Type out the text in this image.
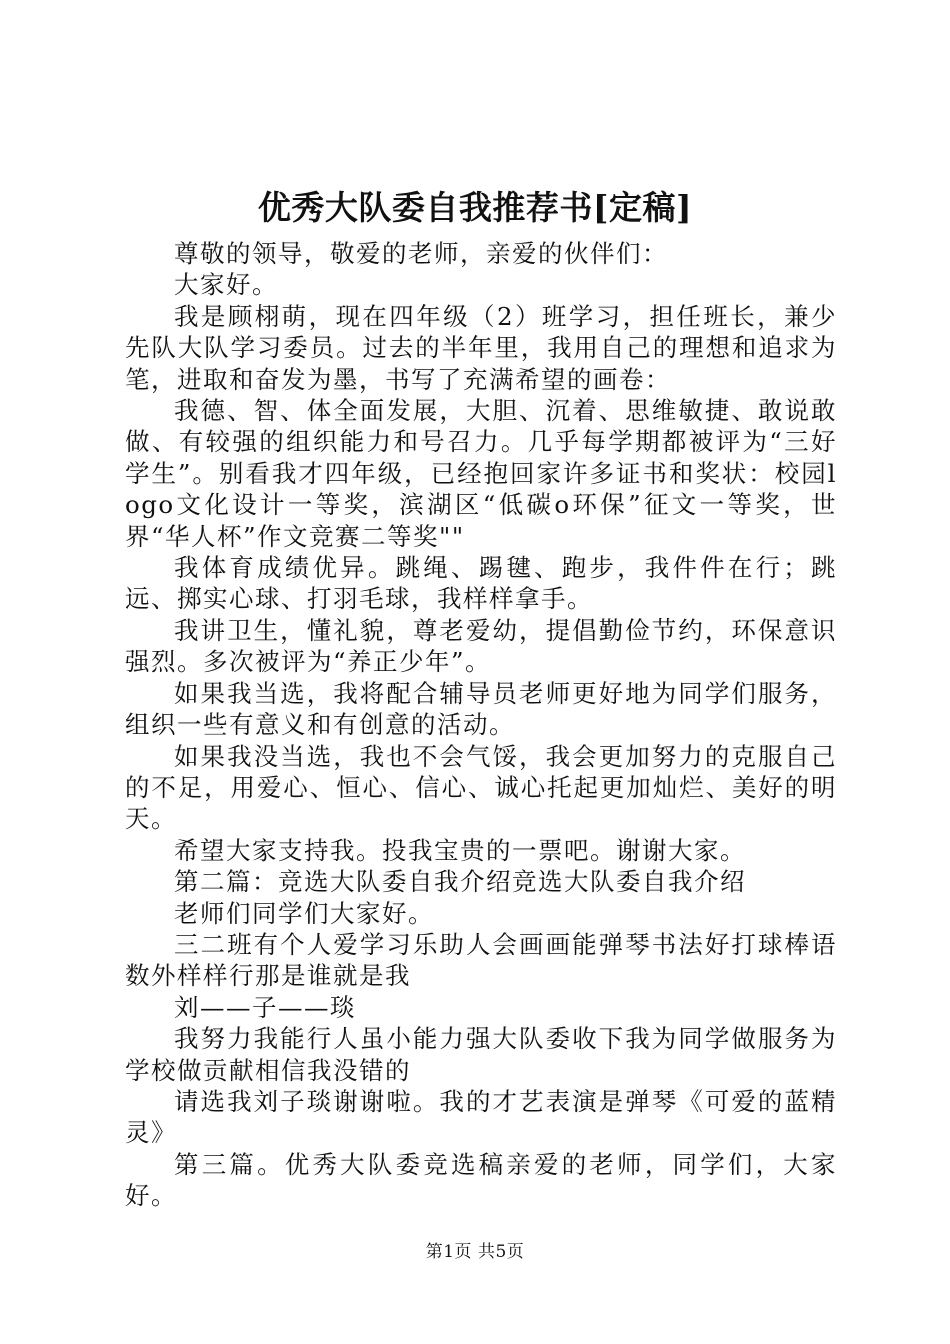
优秀大队委自我推荐书[定稿]

尊敬的领导，敬爱的老师，亲爱的伙伴们：

大家好。

我是顾栩萌，现在四年级（2）班学习，担任班长，兼少先队大队学习委员。过去的半年里，我用自己的理想和追求为笔，进取和奋发为墨，书写了充满希望的画卷：

我德、智、体全面发展，大胆、沉着、思维敏捷、敢说敢做、有较强的组织能力和号召力。几乎每学期都被评为“三好学生”。别看我才四年级，已经抱回家许多证书和奖状：校园logo文化设计一等奖，滨湖区“低碳o环保”征文一等奖，世界“华人杯”作文竞赛二等奖""

我体育成绩优异。跳绳、踢毽、跑步，我件件在行；跳远、掷实心球、打羽毛球，我样样拿手。

我讲卫生，懂礼貌，尊老爱幼，提倡勤俭节约，环保意识强烈。多次被评为“养正少年”。

如果我当选，我将配合辅导员老师更好地为同学们服务，组织一些有意义和有创意的活动。

如果我没当选，我也不会气馁，我会更加努力的克服自己的不足，用爱心、恒心、信心、诚心托起更加灿烂、美好的明天。

希望大家支持我。投我宝贵的一票吧。谢谢大家。

第二篇：竞选大队委自我介绍竞选大队委自我介绍

老师们同学们大家好。

三二班有个人爱学习乐助人会画画能弹琴书法好打球棒语数外样样行那是谁就是我

刘——子——琰

我努力我能行人虽小能力强大队委收下我为同学做服务为学校做贡献相信我没错的

请选我刘子琰谢谢啦。我的才艺表演是弹琴《可爱的蓝精灵》

第三篇。优秀大队委竞选稿亲爱的老师，同学们，大家好。

第1页 共5页
